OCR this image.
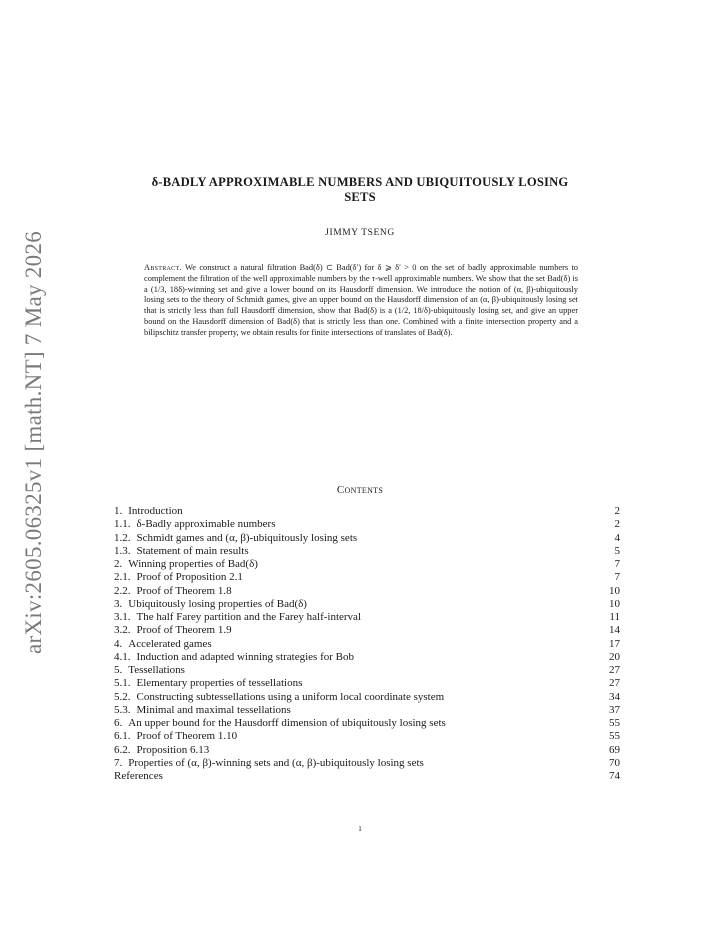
arXiv:2605.06325v1 [math.NT] 7 May 2026
δ-BADLY APPROXIMABLE NUMBERS AND UBIQUITOUSLY LOSING
SETS
JIMMY TSENG
Abstract. We construct a natural filtration Bad(δ) ⊂ Bad(δ′) for δ ⩾ δ′ > 0 on the set of badly approximable numbers to complement the filtration of the well approximable numbers by the τ-well approximable numbers. We show that the set Bad(δ) is a (1/3, 18δ)-winning set and give a lower bound on its Hausdorff dimension. We introduce the notion of (α, β)-ubiquitously losing sets to the theory of Schmidt games, give an upper bound on the Hausdorff dimension of an (α, β)-ubiquitously losing set that is strictly less than full Hausdorff dimension, show that Bad(δ) is a (1/2, 18/δ)-ubiquitously losing set, and give an upper bound on the Hausdorff dimension of Bad(δ) that is strictly less than one. Combined with a finite intersection property and a bilipschitz transfer property, we obtain results for finite intersections of translates of Bad(δ).
Contents
1. Introduction	2
1.1. δ-Badly approximable numbers	2
1.2. Schmidt games and (α, β)-ubiquitously losing sets	4
1.3. Statement of main results	5
2. Winning properties of Bad(δ)	7
2.1. Proof of Proposition 2.1	7
2.2. Proof of Theorem 1.8	10
3. Ubiquitously losing properties of Bad(δ)	10
3.1. The half Farey partition and the Farey half-interval	11
3.2. Proof of Theorem 1.9	14
4. Accelerated games	17
4.1. Induction and adapted winning strategies for Bob	20
5. Tessellations	27
5.1. Elementary properties of tessellations	27
5.2. Constructing subtessellations using a uniform local coordinate system	34
5.3. Minimal and maximal tessellations	37
6. An upper bound for the Hausdorff dimension of ubiquitously losing sets	55
6.1. Proof of Theorem 1.10	55
6.2. Proposition 6.13	69
7. Properties of (α, β)-winning sets and (α, β)-ubiquitously losing sets	70
References	74
1
